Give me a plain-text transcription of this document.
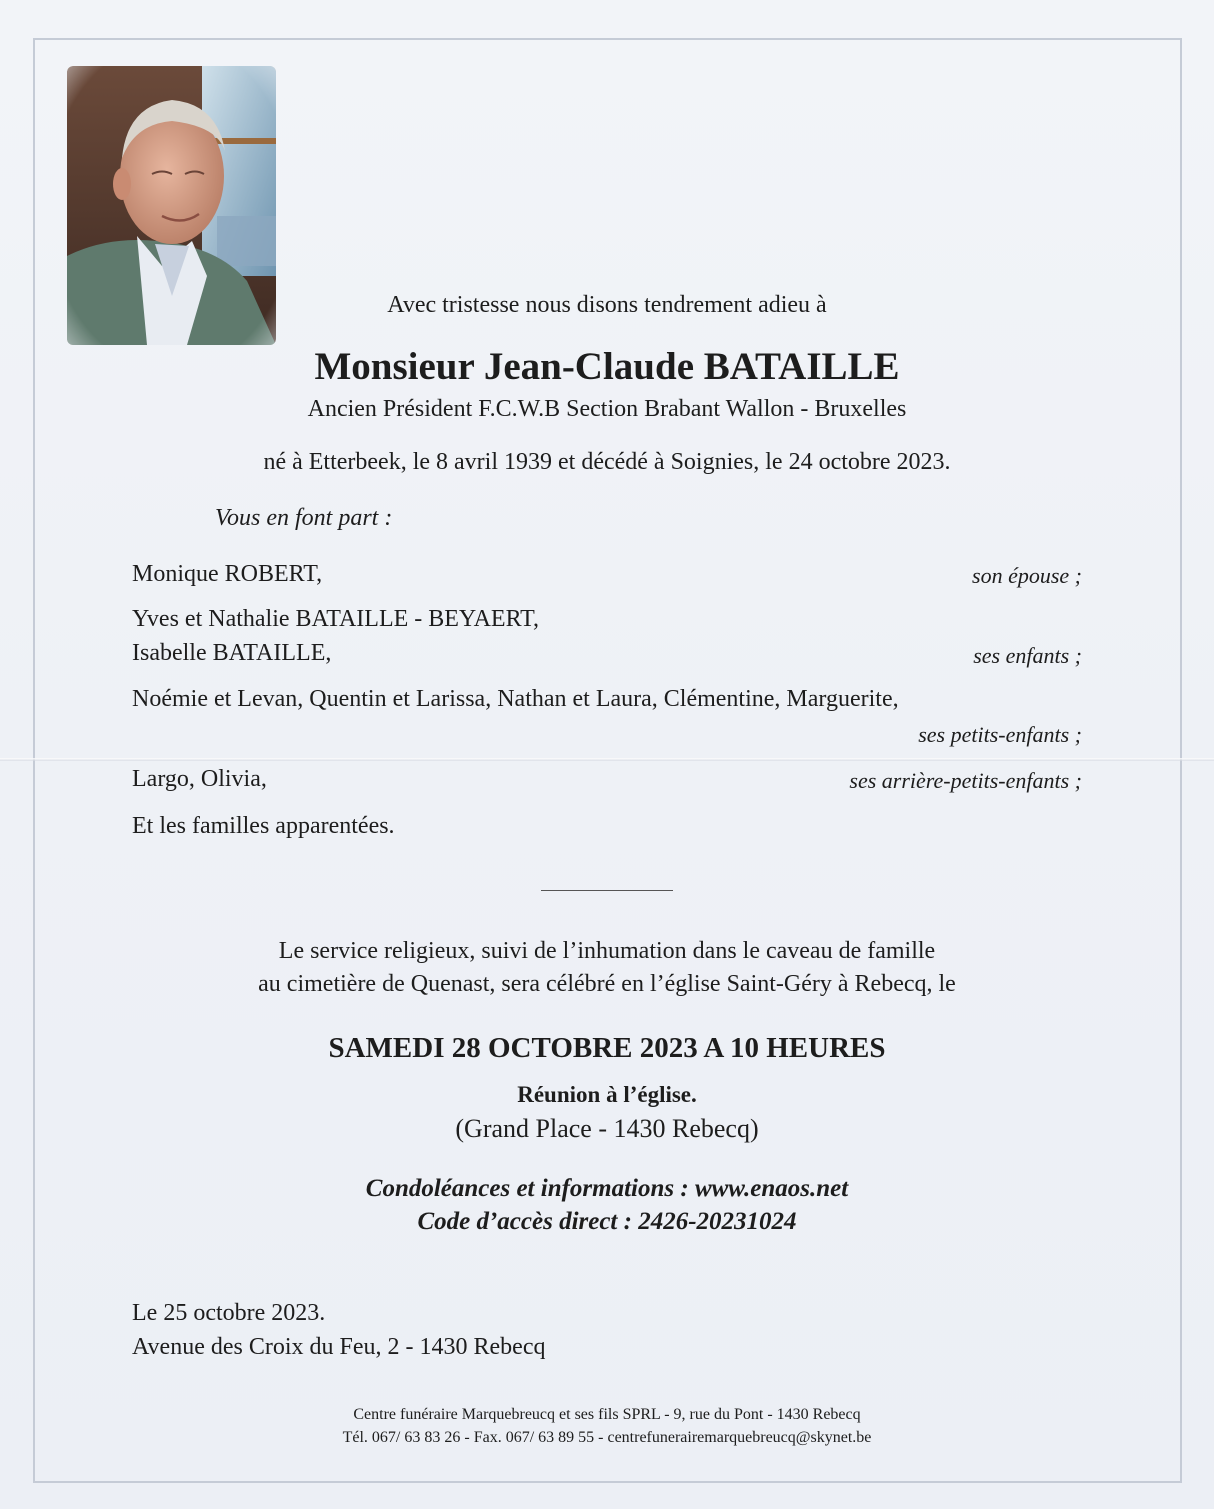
Avec tristesse nous disons tendrement adieu à
Monsieur Jean-Claude BATAILLE
Ancien Président F.C.W.B Section Brabant Wallon - Bruxelles
né à Etterbeek, le 8 avril 1939 et décédé à Soignies, le 24 octobre 2023.
Vous en font part :
Monique ROBERT,	son épouse ;
Yves et Nathalie BATAILLE - BEYAERT,
Isabelle BATAILLE,	ses enfants ;
Noémie et Levan, Quentin et Larissa, Nathan et Laura, Clémentine, Marguerite,
ses petits-enfants ;
Largo, Olivia,	ses arrière-petits-enfants ;
Et les familles apparentées.
Le service religieux, suivi de l’inhumation dans le caveau de famille
au cimetière de Quenast, sera célébré en l’église Saint-Géry à Rebecq, le
SAMEDI 28 OCTOBRE 2023 A 10 HEURES
Réunion à l’église.
(Grand Place - 1430 Rebecq)
Condoléances et informations : www.enaos.net
Code d’accès direct : 2426-20231024
Le 25 octobre 2023.
Avenue des Croix du Feu, 2 - 1430 Rebecq
Centre funéraire Marquebreucq et ses fils SPRL - 9, rue du Pont - 1430 Rebecq
Tél. 067/ 63 83 26 - Fax. 067/ 63 89 55 - centrefunerairemarquebreucq@skynet.be
